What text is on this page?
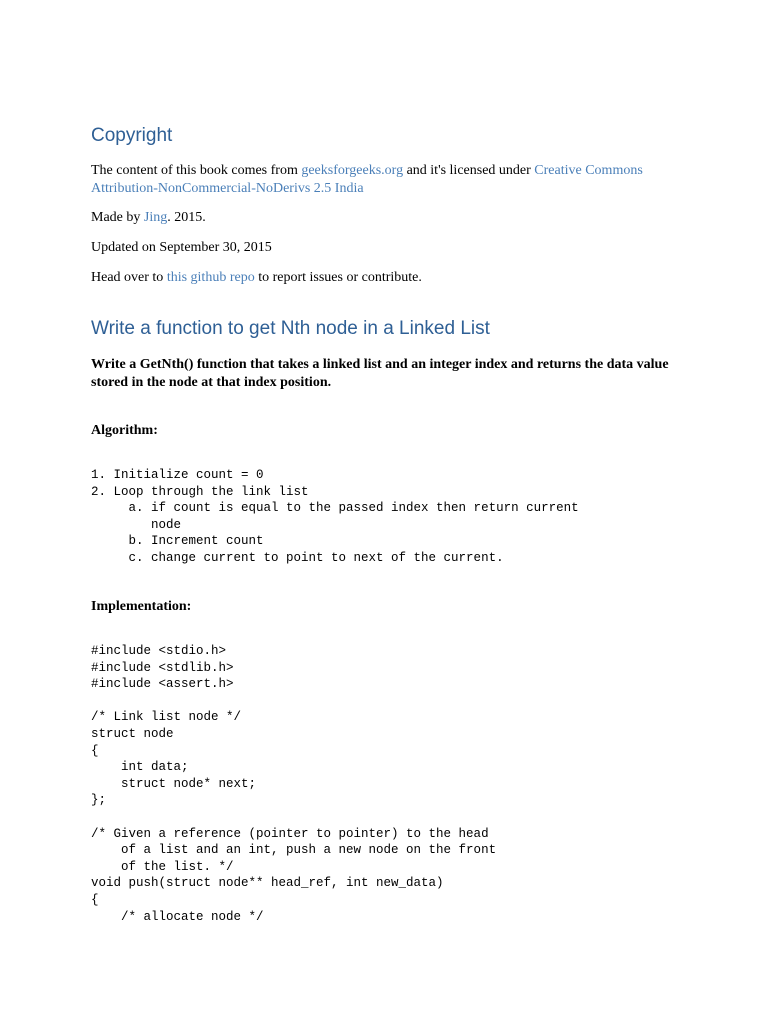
Copyright

The content of this book comes from geeksforgeeks.org and it's licensed under Creative Commons Attribution-NonCommercial-NoDerivs 2.5 India

Made by Jing. 2015.

Updated on September 30, 2015

Head over to this github repo to report issues or contribute.

Write a function to get Nth node in a Linked List

Write a GetNth() function that takes a linked list and an integer index and returns the data value stored in the node at that index position.

Algorithm:

1. Initialize count = 0
2. Loop through the link list
a. if count is equal to the passed index then return current
node
b. Increment count
c. change current to point to next of the current.

Implementation:

#include <stdio.h>
#include <stdlib.h>
#include <assert.h>

/* Link list node */
struct node
{
int data;
struct node* next;
};

/* Given a reference (pointer to pointer) to the head
of a list and an int, push a new node on the front
of the list. */
void push(struct node** head_ref, int new_data)
{
/* allocate node */
